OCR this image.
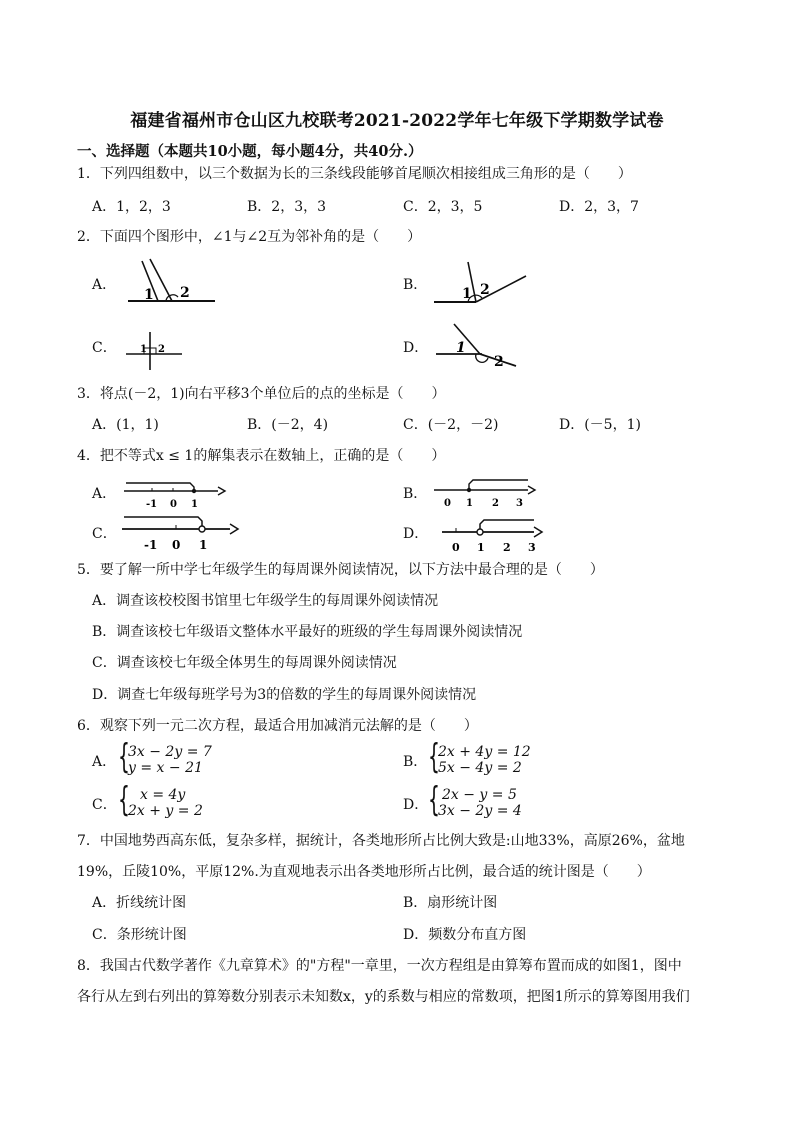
福建省福州市仓山区九校联考2021-2022学年七年级下学期数学试卷
一、选择题（本题共10小题，每小题4分，共40分.）
1．下列四组数中，以三个数据为长的三条线段能够首尾顺次相接组成三角形的是（　　）
A．1，2，3	B．2，3，3	C．2，3，5	D．2，3，7
2．下面四个图形中，∠1与∠2互为邻补角的是（　　）
A．	B．
C．	D．
1 2	1 2
1 2	1
2
3．将点(－2，1)向右平移3个单位后的点的坐标是（　　）
A．(1，1)	B．(－2，4)	C．(－2，－2)	D．(－5，1)
4．把不等式x ≤ 1的解集表示在数轴上，正确的是（　　）
A．	B．
C．	D．
-1 0 1	0 1 2 3
-1 0 1	0 1 2 3
5．要了解一所中学七年级学生的每周课外阅读情况，以下方法中最合理的是（　　）
A．调查该校校图书馆里七年级学生的每周课外阅读情况
B．调查该校七年级语文整体水平最好的班级的学生每周课外阅读情况
C．调查该校七年级全体男生的每周课外阅读情况
D．调查七年级每班学号为3的倍数的学生的每周课外阅读情况
6．观察下列一元二次方程，最适合用加减消元法解的是（　　）
A． {
3x − 2y = 7
y = x − 21	B． {
2x + 4y = 12
5x − 4y = 2
C． { x = 4y
2x + y = 2	D． { 2x − y = 5
3x − 2y = 4
7．中国地势西高东低，复杂多样，据统计，各类地形所占比例大致是:山地33%，高原26%，盆地
19%，丘陵10%，平原12%.为直观地表示出各类地形所占比例，最合适的统计图是（　　）
A．折线统计图	B．扇形统计图
C．条形统计图	D．频数分布直方图
8．我国古代数学著作《九章算术》的"方程"一章里，一次方程组是由算筹布置而成的如图1，图中
各行从左到右列出的算筹数分别表示未知数x，y的系数与相应的常数项，把图1所示的算筹图用我们
